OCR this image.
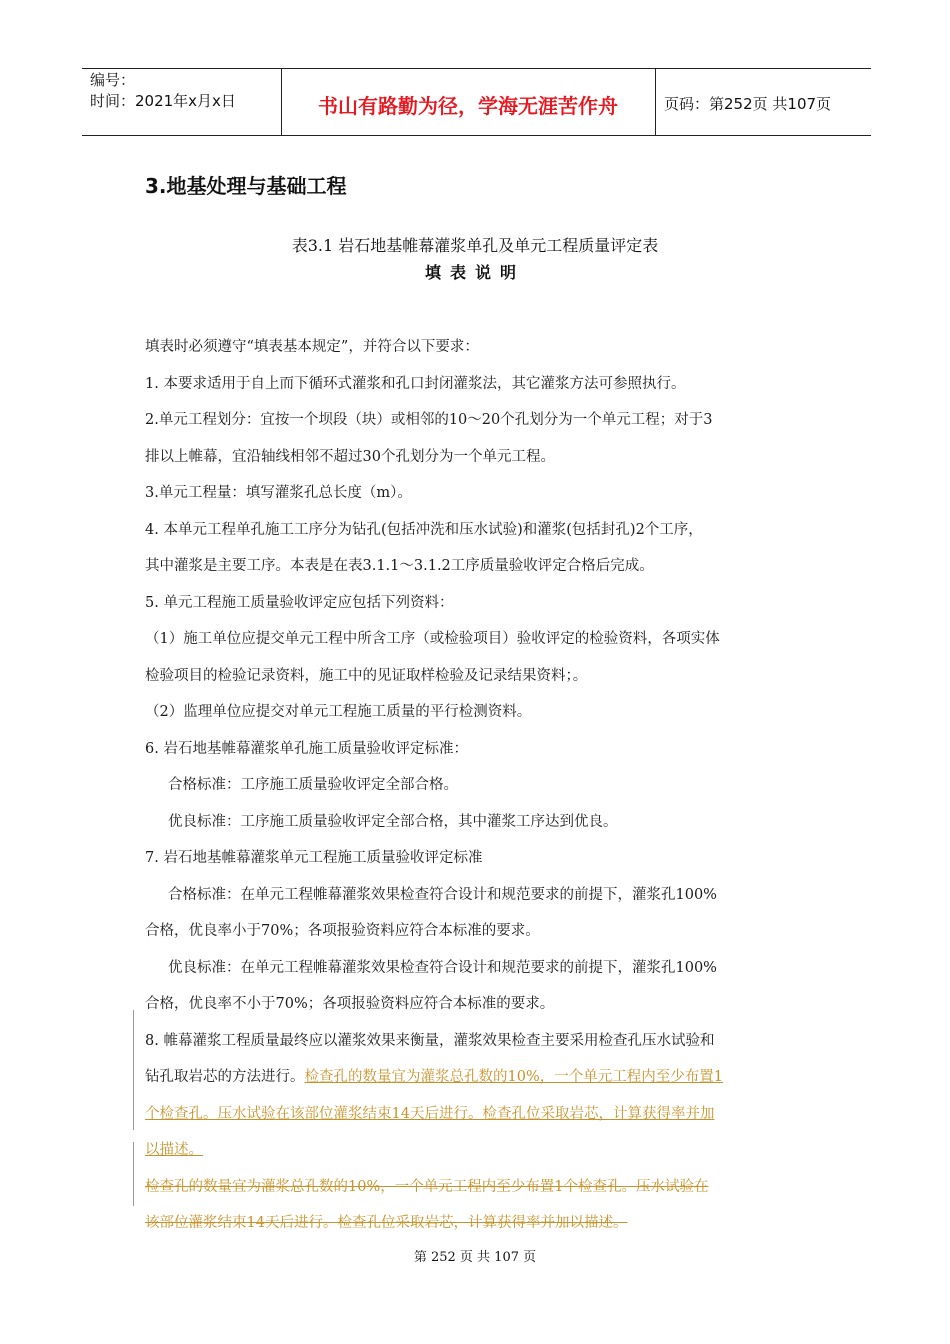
编号：
时间：2021年x月x日	书山有路勤为径，学海无涯苦作舟	页码：第252页 共107页
3.地基处理与基础工程
表3.1 岩石地基帷幕灌浆单孔及单元工程质量评定表
填表说明
填表时必须遵守“填表基本规定”，并符合以下要求：
1. 本要求适用于自上而下循环式灌浆和孔口封闭灌浆法，其它灌浆方法可参照执行。
2.单元工程划分：宜按一个坝段（块）或相邻的10～20个孔划分为一个单元工程；对于3
排以上帷幕，宜沿轴线相邻不超过30个孔划分为一个单元工程。
3.单元工程量：填写灌浆孔总长度（m）。
4. 本单元工程单孔施工工序分为钻孔(包括冲洗和压水试验)和灌浆(包括封孔)2个工序，
其中灌浆是主要工序。本表是在表3.1.1～3.1.2工序质量验收评定合格后完成。
5. 单元工程施工质量验收评定应包括下列资料：
（1）施工单位应提交单元工程中所含工序（或检验项目）验收评定的检验资料，各项实体
检验项目的检验记录资料，施工中的见证取样检验及记录结果资料；。
（2）监理单位应提交对单元工程施工质量的平行检测资料。
6. 岩石地基帷幕灌浆单孔施工质量验收评定标准：
合格标准：工序施工质量验收评定全部合格。
优良标准：工序施工质量验收评定全部合格，其中灌浆工序达到优良。
7. 岩石地基帷幕灌浆单元工程施工质量验收评定标准
合格标准：在单元工程帷幕灌浆效果检查符合设计和规范要求的前提下，灌浆孔100%
合格，优良率小于70%；各项报验资料应符合本标准的要求。
优良标准：在单元工程帷幕灌浆效果检查符合设计和规范要求的前提下，灌浆孔100%
合格，优良率不小于70%；各项报验资料应符合本标准的要求。
8. 帷幕灌浆工程质量最终应以灌浆效果来衡量，灌浆效果检查主要采用检查孔压水试验和
钻孔取岩芯的方法进行。检查孔的数量宜为灌浆总孔数的10%，一个单元工程内至少布置1
个检查孔。压水试验在该部位灌浆结束14天后进行。检查孔位采取岩芯，计算获得率并加
以描述。
检查孔的数量宜为灌浆总孔数的10%，一个单元工程内至少布置1个检查孔。压水试验在
该部位灌浆结束14天后进行。检查孔位采取岩芯，计算获得率并加以描述。
第 252 页 共 107 页
